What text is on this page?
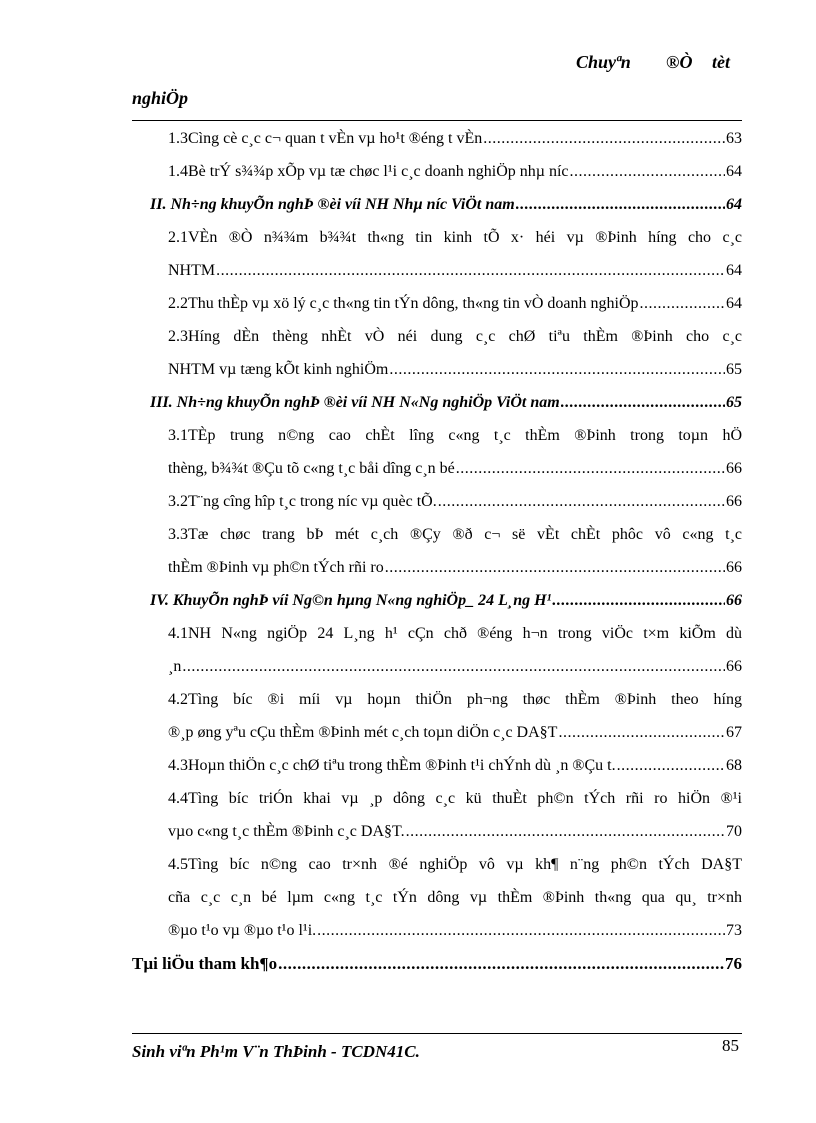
Chuyªn ®Ò tèt
nghiÖp
1.3Cìng cè c¸c c¬ quan t vÈn vµ ho¹t ®éng t vÈn .....	63
1.4Bè trÝ s¾¾p xÕp vµ tæ chøc l¹i c¸c doanh nghiÖp nhµ níc .....	64
II. Nh÷ng khuyÕn nghÞ ®èi víi NH Nhµ níc ViÖt nam .....	64
2.1VÈn ®Ò n¾¾m b¾¾t th«ng tin kinh tÕ x· héi vµ ®Þinh híng cho c¸c
NHTM .....	64
2.2Thu thÈp vµ xö lý c¸c th«ng tin tÝn dông, th«ng tin vÒ doanh nghiÖp .....	64
2.3Híng dÈn thèng nhÈt vÒ néi dung c¸c chØ tiªu thÈm ®Þinh cho c¸c
NHTM vµ tæng kÕt kinh nghiÖm .....	65
III. Nh÷ng khuyÕn nghÞ ®èi víi NH N«Ng nghiÖp ViÖt nam .....	65
3.1TÈp trung n©ng cao chÈt lîng c«ng t¸c thÈm ®Þinh trong toµn hÖ
thèng, b¾¾t ®Çu tõ c«ng t¸c båi dîng c¸n bé .....	66
3.2T¨ng cîng hîp t¸c trong níc vµ quèc tÕ. .....	66
3.3Tæ chøc trang bÞ mét c¸ch ®Çy ®ð c¬ së vÈt chÈt phôc vô c«ng t¸c
thÈm ®Þinh vµ ph©n tÝch rñi ro .....	66
IV. KhuyÕn nghÞ víi Ng©n hµng N«ng nghiÖp_ 24 L¸ng H¹ .....	66
4.1NH N«ng ngiÖp 24 L¸ng h¹ cÇn chð ®éng h¬n trong viÖc t×m kiÕm dù
¸n .....	66
4.2Tìng bíc ®i míi vµ hoµn thiÖn ph¬ng thøc thÈm ®Þinh theo híng
®¸p øng yªu cÇu thÈm ®Þinh mét c¸ch toµn diÖn c¸c DA§T .....	67
4.3Hoµn thiÖn c¸c chØ tiªu trong thÈm ®Þinh t¹i chÝnh dù ¸n ®Çu t. .....	68
4.4Tìng bíc triÓn khai vµ ¸p dông c¸c kü thuÈt ph©n tÝch rñi ro hiÖn ®¹i
vµo c«ng t¸c thÈm ®Þinh c¸c DA§T. .....	70
4.5Tìng bíc n©ng cao tr×nh ®é nghiÖp vô vµ kh¶ n¨ng ph©n tÝch DA§T
cña c¸c c¸n bé lµm c«ng t¸c tÝn dông vµ thÈm ®Þinh th«ng qua qu¸ tr×nh
®µo t¹o vµ ®µo t¹o l¹i. .....	73
Tµi liÖu tham kh¶o .....	76
Sinh viªn Ph¹m V¨n ThÞinh - TCDN41C.	85
